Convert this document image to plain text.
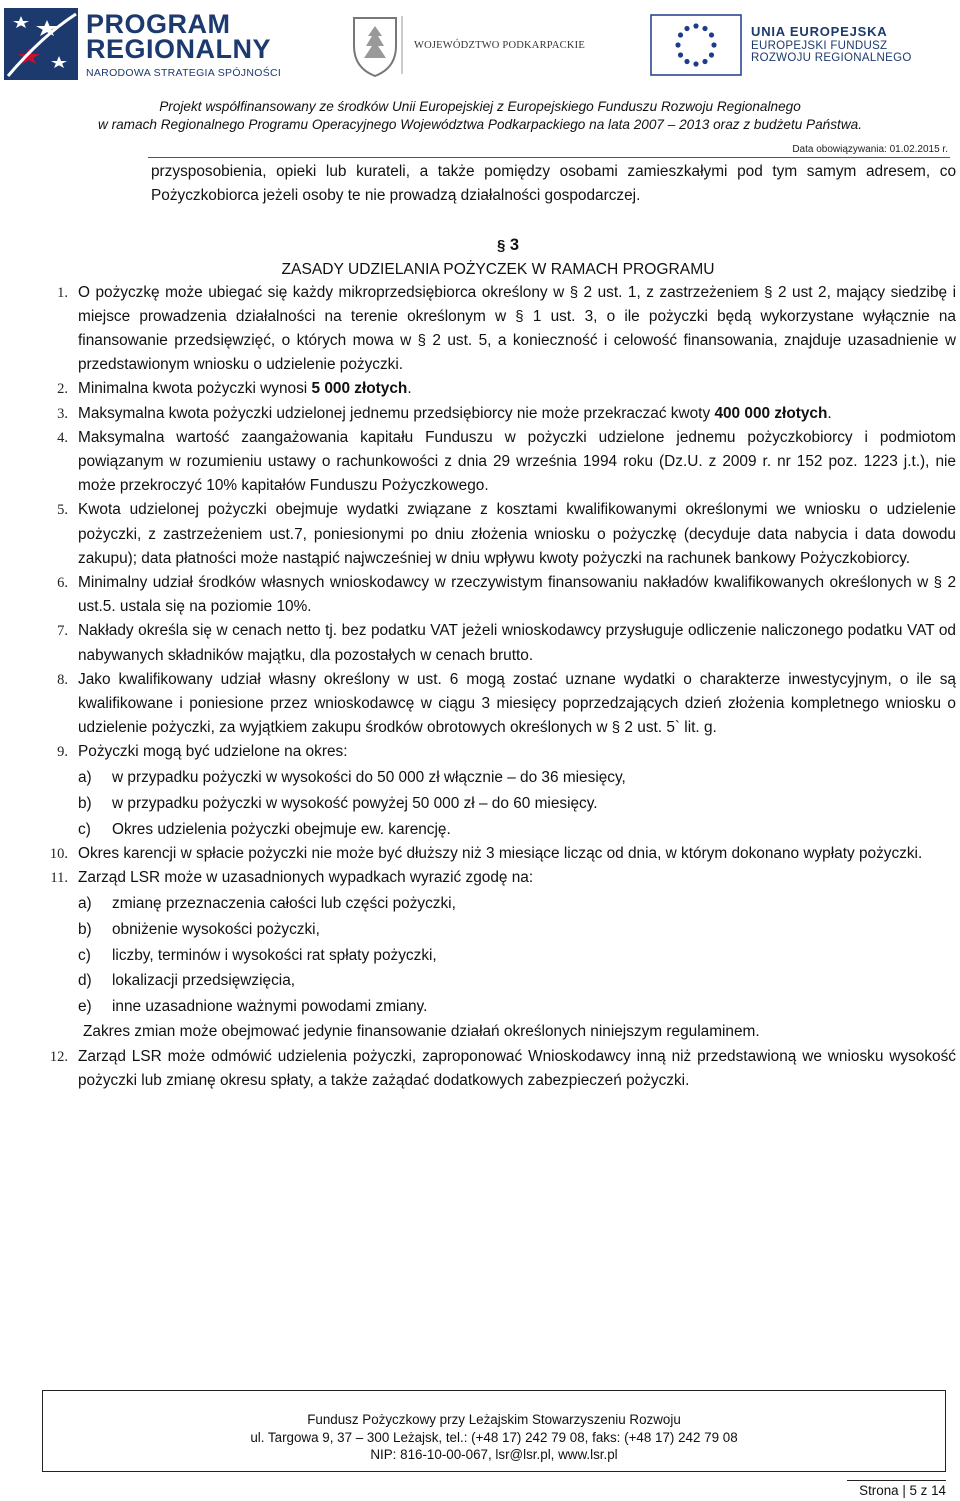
PROGRAM
REGIONALNY
NARODOWA STRATEGIA SPÓJNOŚCI
WOJEWÓDZTWO PODKARPACKIE
UNIA EUROPEJSKA
EUROPEJSKI FUNDUSZ
ROZWOJU REGIONALNEGO
Projekt współfinansowany ze środków Unii Europejskiej z Europejskiego Funduszu Rozwoju Regionalnego
w ramach Regionalnego Programu Operacyjnego Województwa Podkarpackiego na lata 2007 – 2013 oraz z budżetu Państwa.
Data obowiązywania: 01.02.2015 r.
przysposobienia, opieki lub kurateli, a także pomiędzy osobami zamieszkałymi pod tym samym adresem, co Pożyczkobiorca jeżeli osoby te nie prowadzą działalności gospodarczej.
§ 3
ZASADY UDZIELANIA POŻYCZEK W RAMACH PROGRAMU
1. O pożyczkę może ubiegać się każdy mikroprzedsiębiorca określony w § 2 ust. 1, z zastrzeżeniem § 2 ust 2, mający siedzibę i miejsce prowadzenia działalności na terenie określonym w § 1 ust. 3, o ile pożyczki będą wykorzystane wyłącznie na finansowanie przedsięwzięć, o których mowa w § 2 ust. 5, a konieczność i celowość finansowania, znajduje uzasadnienie w przedstawionym wniosku o udzielenie pożyczki.
2. Minimalna kwota pożyczki wynosi 5 000 złotych.
3. Maksymalna kwota pożyczki udzielonej jednemu przedsiębiorcy nie może przekraczać kwoty 400 000 złotych.
4. Maksymalna wartość zaangażowania kapitału Funduszu w pożyczki udzielone jednemu pożyczkobiorcy i podmiotom powiązanym w rozumieniu ustawy o rachunkowości z dnia 29 września 1994 roku (Dz.U. z 2009 r. nr 152 poz. 1223 j.t.), nie może przekroczyć 10% kapitałów Funduszu Pożyczkowego.
5. Kwota udzielonej pożyczki obejmuje wydatki związane z kosztami kwalifikowanymi określonymi we wniosku o udzielenie pożyczki, z zastrzeżeniem ust.7, poniesionymi po dniu złożenia wniosku o pożyczkę (decyduje data nabycia i data dowodu zakupu); data płatności może nastąpić najwcześniej w dniu wpływu kwoty pożyczki na rachunek bankowy Pożyczkobiorcy.
6. Minimalny udział środków własnych wnioskodawcy w rzeczywistym finansowaniu nakładów kwalifikowanych określonych w § 2 ust.5. ustala się na poziomie 10%.
7. Nakłady określa się w cenach netto tj. bez podatku VAT jeżeli wnioskodawcy przysługuje odliczenie naliczonego podatku VAT od nabywanych składników majątku, dla pozostałych w cenach brutto.
8. Jako kwalifikowany udział własny określony w ust. 6 mogą zostać uznane wydatki o charakterze inwestycyjnym, o ile są kwalifikowane i poniesione przez wnioskodawcę w ciągu 3 miesięcy poprzedzających dzień złożenia kompletnego wniosku o udzielenie pożyczki, za wyjątkiem zakupu środków obrotowych określonych w § 2 ust. 5` lit. g.
9. Pożyczki mogą być udzielone na okres:
a) w przypadku pożyczki w wysokości do 50 000 zł włącznie – do 36 miesięcy,
b) w przypadku pożyczki w wysokość powyżej 50 000 zł – do 60 miesięcy.
c) Okres udzielenia pożyczki obejmuje ew. karencję.
10. Okres karencji w spłacie pożyczki nie może być dłuższy niż 3 miesiące licząc od dnia, w którym dokonano wypłaty pożyczki.
11. Zarząd LSR może w uzasadnionych wypadkach wyrazić zgodę na:
a) zmianę przeznaczenia całości lub części pożyczki,
b) obniżenie wysokości pożyczki,
c) liczby, terminów i wysokości rat spłaty pożyczki,
d) lokalizacji przedsięwzięcia,
e) inne uzasadnione ważnymi powodami zmiany.
Zakres zmian może obejmować jedynie finansowanie działań określonych niniejszym regulaminem.
12. Zarząd LSR może odmówić udzielenia pożyczki, zaproponować Wnioskodawcy inną niż przedstawioną we wniosku wysokość pożyczki lub zmianę okresu spłaty, a także zażądać dodatkowych zabezpieczeń pożyczki.
Fundusz Pożyczkowy przy Leżajskim Stowarzyszeniu Rozwoju
ul. Targowa 9, 37 – 300 Leżajsk, tel.: (+48 17) 242 79 08, faks: (+48 17) 242 79 08
NIP: 816-10-00-067, lsr@lsr.pl, www.lsr.pl
Strona | 5 z 14
